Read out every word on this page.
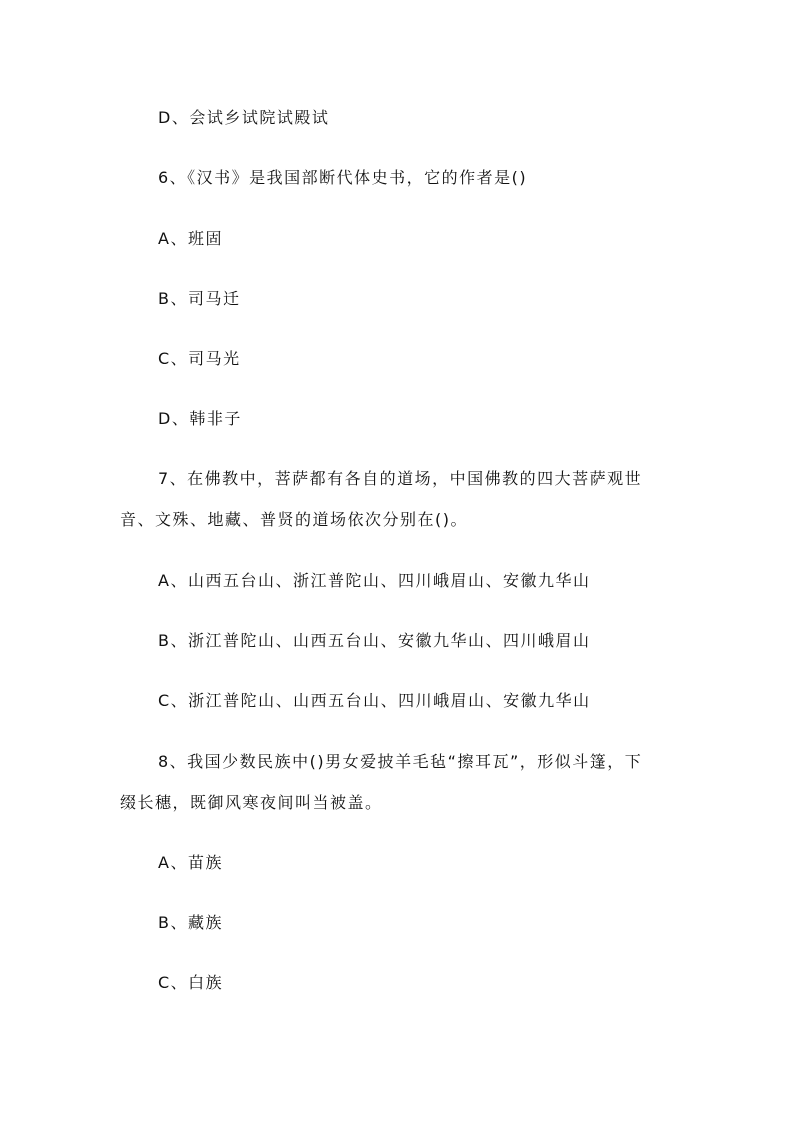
D、会试乡试院试殿试

6、《汉书》是我国部断代体史书，它的作者是()

A、班固

B、司马迁

C、司马光

D、韩非子

7、在佛教中，菩萨都有各自的道场，中国佛教的四大菩萨观世

音、文殊、地藏、普贤的道场依次分别在()。

A、山西五台山、浙江普陀山、四川峨眉山、安徽九华山

B、浙江普陀山、山西五台山、安徽九华山、四川峨眉山

C、浙江普陀山、山西五台山、四川峨眉山、安徽九华山

8、我国少数民族中()男女爱披羊毛毡“擦耳瓦”，形似斗篷，下

缀长穗，既御风寒夜间叫当被盖。

A、苗族

B、藏族

C、白族
